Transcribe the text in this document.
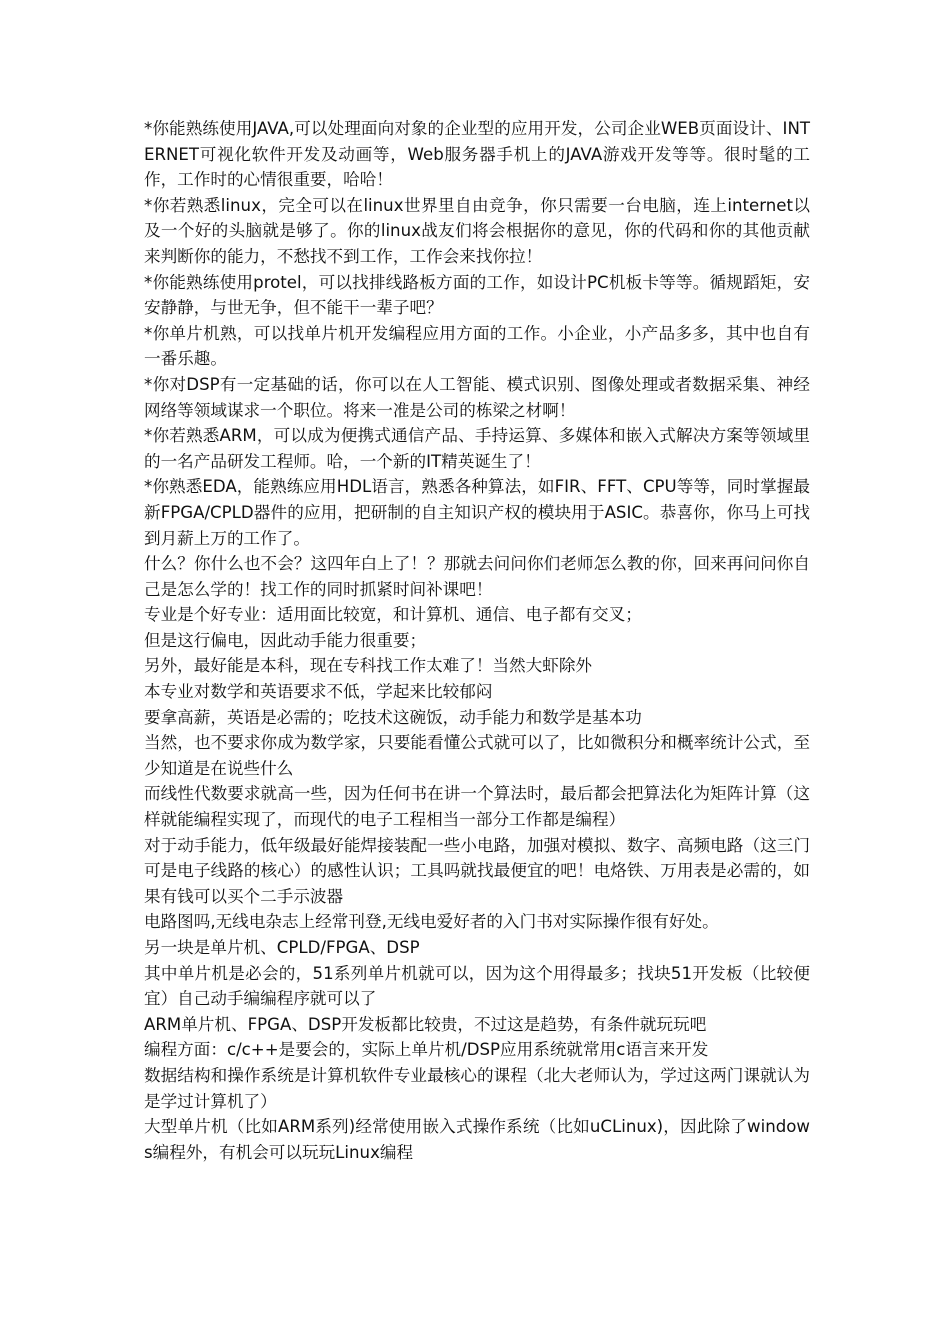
*你能熟练使用JAVA,可以处理面向对象的企业型的应用开发，公司企业WEB页面设计、INTERNET可视化软件开发及动画等，Web服务器手机上的JAVA游戏开发等等。很时髦的工作，工作时的心情很重要，哈哈！

*你若熟悉linux，完全可以在linux世界里自由竞争，你只需要一台电脑，连上internet以及一个好的头脑就是够了。你的linux战友们将会根据你的意见，你的代码和你的其他贡献来判断你的能力，不愁找不到工作，工作会来找你拉！

*你能熟练使用protel，可以找排线路板方面的工作，如设计PC机板卡等等。循规蹈矩，安安静静，与世无争，但不能干一辈子吧？

*你单片机熟，可以找单片机开发编程应用方面的工作。小企业，小产品多多，其中也自有一番乐趣。

*你对DSP有一定基础的话，你可以在人工智能、模式识别、图像处理或者数据采集、神经网络等领域谋求一个职位。将来一准是公司的栋梁之材啊！

*你若熟悉ARM，可以成为便携式通信产品、手持运算、多媒体和嵌入式解决方案等领域里的一名产品研发工程师。哈，一个新的IT精英诞生了！

*你熟悉EDA，能熟练应用HDL语言，熟悉各种算法，如FIR、FFT、CPU等等，同时掌握最新FPGA/CPLD器件的应用，把研制的自主知识产权的模块用于ASIC。恭喜你，你马上可找到月薪上万的工作了。

什么？你什么也不会？这四年白上了！？那就去问问你们老师怎么教的你，回来再问问你自己是怎么学的！找工作的同时抓紧时间补课吧！

专业是个好专业：适用面比较宽，和计算机、通信、电子都有交叉；

但是这行偏电，因此动手能力很重要；

另外，最好能是本科，现在专科找工作太难了！当然大虾除外

本专业对数学和英语要求不低，学起来比较郁闷

要拿高薪，英语是必需的；吃技术这碗饭，动手能力和数学是基本功

当然，也不要求你成为数学家，只要能看懂公式就可以了，比如微积分和概率统计公式，至少知道是在说些什么

而线性代数要求就高一些，因为任何书在讲一个算法时，最后都会把算法化为矩阵计算（这样就能编程实现了，而现代的电子工程相当一部分工作都是编程）

对于动手能力，低年级最好能焊接装配一些小电路，加强对模拟、数字、高频电路（这三门可是电子线路的核心）的感性认识；工具吗就找最便宜的吧！电烙铁、万用表是必需的，如果有钱可以买个二手示波器

电路图吗,无线电杂志上经常刊登,无线电爱好者的入门书对实际操作很有好处。

另一块是单片机、CPLD/FPGA、DSP

其中单片机是必会的，51系列单片机就可以，因为这个用得最多；找块51开发板（比较便宜）自己动手编编程序就可以了

ARM单片机、FPGA、DSP开发板都比较贵，不过这是趋势，有条件就玩玩吧

编程方面：c/c++是要会的，实际上单片机/DSP应用系统就常用c语言来开发

数据结构和操作系统是计算机软件专业最核心的课程（北大老师认为，学过这两门课就认为是学过计算机了）

大型单片机（比如ARM系列)经常使用嵌入式操作系统（比如uCLinux)，因此除了windows编程外，有机会可以玩玩Linux编程
